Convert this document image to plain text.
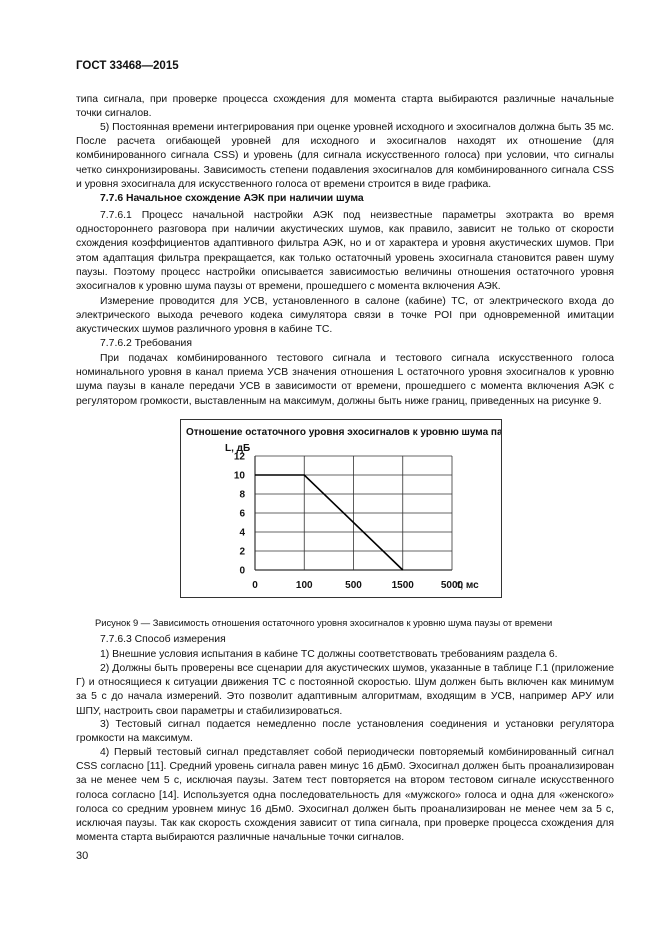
ГОСТ 33468—2015

типа сигнала, при проверке процесса схождения для момента старта выбираются различные начальные точки сигналов.

5) Постоянная времени интегрирования при оценке уровней исходного и эхосигналов должна быть 35 мс. После расчета огибающей уровней для исходного и эхосигналов находят их отношение (для комбинированного сигнала CSS) и уровень (для сигнала искусственного голоса) при условии, что сигналы четко синхронизированы. Зависимость степени подавления эхосигналов для комбинированного сигнала CSS и уровня эхосигнала для искусственного голоса от времени строится в виде графика.

7.7.6 Начальное схождение АЭК при наличии шума

7.7.6.1 Процесс начальной настройки АЭК под неизвестные параметры эхотракта во время одностороннего разговора при наличии акустических шумов, как правило, зависит не только от скорости схождения коэффициентов адаптивного фильтра АЭК, но и от характера и уровня акустических шумов. При этом адаптация фильтра прекращается, как только остаточный уровень эхосигнала становится равен шуму паузы. Поэтому процесс настройки описывается зависимостью величины отношения остаточного уровня эхосигналов к уровню шума паузы от времени, прошедшего с момента включения АЭК.

Измерение проводится для УСВ, установленного в салоне (кабине) ТС, от электрического входа до электрического выхода речевого кодека симулятора связи в точке POI при одновременной имитации акустических шумов различного уровня в кабине ТС.

7.7.6.2 Требования

При подачах комбинированного тестового сигнала и тестового сигнала искусственного голоса номинального уровня в канал приема УСВ значения отношения L остаточного уровня эхосигналов к уровню шума паузы в канале передачи УСВ в зависимости от времени, прошедшего с момента включения АЭК с регулятором громкости, выставленным на максимум, должны быть ниже границ, приведенных на рисунке 9.

Отношение остаточного уровня эхосигналов к уровню шума паузы
L, дБ
t, мс
0
2
4
6
8
10
12
0	100	500	1500	5000
Рисунок 9 — Зависимость отношения остаточного уровня эхосигналов к уровню шума паузы от времени
7.7.6.3 Способ измерения

1) Внешние условия испытания в кабине ТС должны соответствовать требованиям раздела 6.

2) Должны быть проверены все сценарии для акустических шумов, указанные в таблице Г.1 (приложение Г) и относящиеся к ситуации движения ТС с постоянной скоростью. Шум должен быть включен как минимум за 5 с до начала измерений. Это позволит адаптивным алгоритмам, входящим в УСВ, например АРУ или ШПУ, настроить свои параметры и стабилизироваться.

3) Тестовый сигнал подается немедленно после установления соединения и установки регулятора громкости на максимум.

4) Первый тестовый сигнал представляет собой периодически повторяемый комбинированный сигнал CSS согласно [11]. Средний уровень сигнала равен минус 16 дБм0. Эхосигнал должен быть проанализирован за не менее чем 5 с, исключая паузы. Затем тест повторяется на втором тестовом сигнале искусственного голоса согласно [14]. Используется одна последовательность для «мужского» голоса и одна для «женского» голоса со средним уровнем минус 16 дБм0. Эхосигнал должен быть проанализирован не менее чем за 5 с, исключая паузы. Так как скорость схождения зависит от типа сигнала, при проверке процесса схождения для момента старта выбираются различные начальные точки сигналов.

30
